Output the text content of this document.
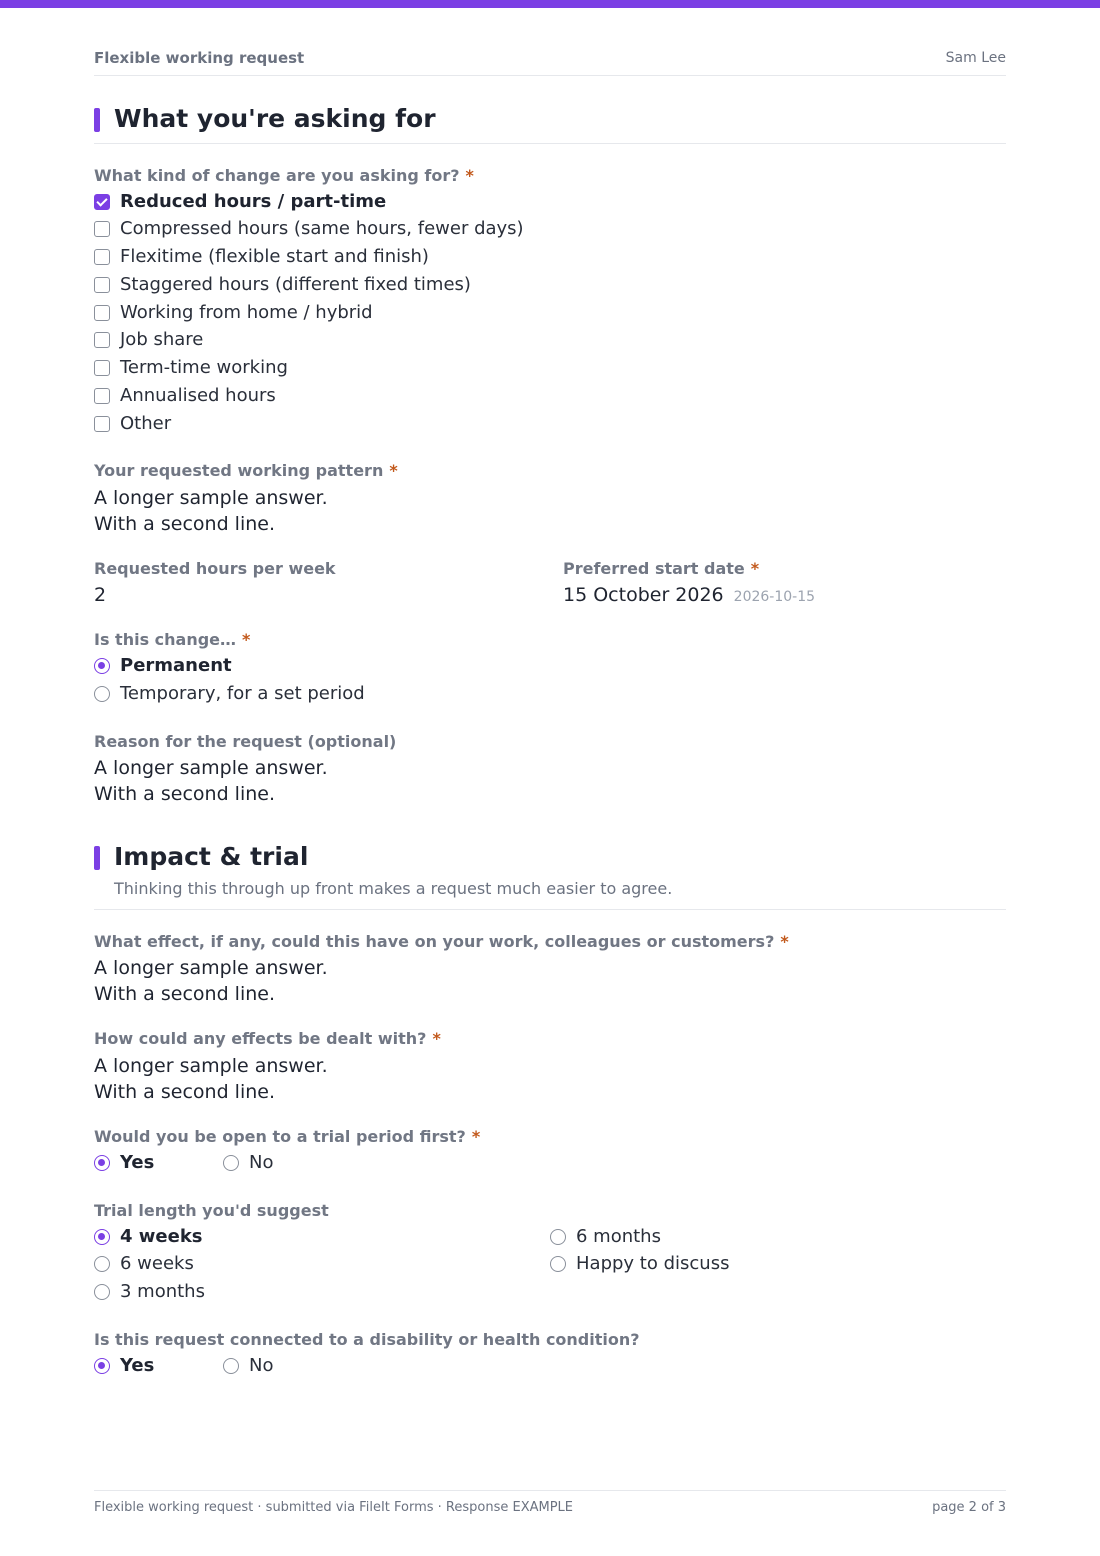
Flexible working request	Sam Lee
What you're asking for
What kind of change are you asking for? *
Reduced hours / part-time
Compressed hours (same hours, fewer days)
Flexitime (flexible start and finish)
Staggered hours (different fixed times)
Working from home / hybrid
Job share
Term-time working
Annualised hours
Other
Your requested working pattern *
A longer sample answer.
With a second line.
Requested hours per week
2
Preferred start date *
15 October 2026 2026-10-15
Is this change… *
Permanent
Temporary, for a set period
Reason for the request (optional)
A longer sample answer.
With a second line.
Impact & trial
Thinking this through up front makes a request much easier to agree.
What effect, if any, could this have on your work, colleagues or customers? *
A longer sample answer.
With a second line.
How could any effects be dealt with? *
A longer sample answer.
With a second line.
Would you be open to a trial period first? *
Yes	No
Trial length you'd suggest
4 weeks
6 weeks
3 months
6 months
Happy to discuss
Is this request connected to a disability or health condition?
Yes	No
Flexible working request · submitted via FileIt Forms · Response EXAMPLE	page 2 of 3
